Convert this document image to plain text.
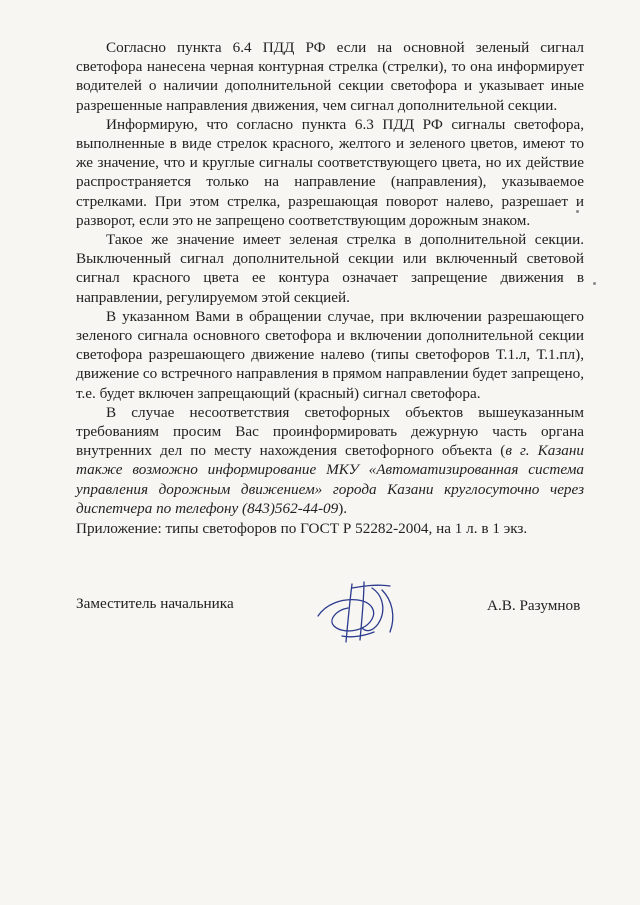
Согласно пункта 6.4 ПДД РФ если на основной зеленый сигнал светофора нанесена черная контурная стрелка (стрелки), то она информирует водителей о наличии дополнительной секции светофора и указывает иные разрешенные направления движения, чем сигнал дополнительной секции.

Информирую, что согласно пункта 6.3 ПДД РФ сигналы светофора, выполненные в виде стрелок красного, желтого и зеленого цветов, имеют то же значение, что и круглые сигналы соответствующего цвета, но их действие распространяется только на направление (направления), указываемое стрелками. При этом стрелка, разрешающая поворот налево, разрешает и разворот, если это не запрещено соответствующим дорожным знаком.

Такое же значение имеет зеленая стрелка в дополнительной секции. Выключенный сигнал дополнительной секции или включенный световой сигнал красного цвета ее контура означает запрещение движения в направлении, регулируемом этой секцией.

В указанном Вами в обращении случае, при включении разрешающего зеленого сигнала основного светофора и включении дополнительной секции светофора разрешающего движение налево (типы светофоров Т.1.л, Т.1.пл), движение со встречного направления в прямом направлении будет запрещено, т.е. будет включен запрещающий (красный) сигнал светофора.

В случае несоответствия светофорных объектов вышеуказанным требованиям просим Вас проинформировать дежурную часть органа внутренних дел по месту нахождения светофорного объекта (в г. Казани также возможно информирование МКУ «Автоматизированная система управления дорожным движением» города Казани круглосуточно через диспетчера по телефону (843)562-44-09).

Приложение: типы светофоров по ГОСТ Р 52282-2004, на 1 л. в 1 экз.
Заместитель начальника	А.В. Разумнов
